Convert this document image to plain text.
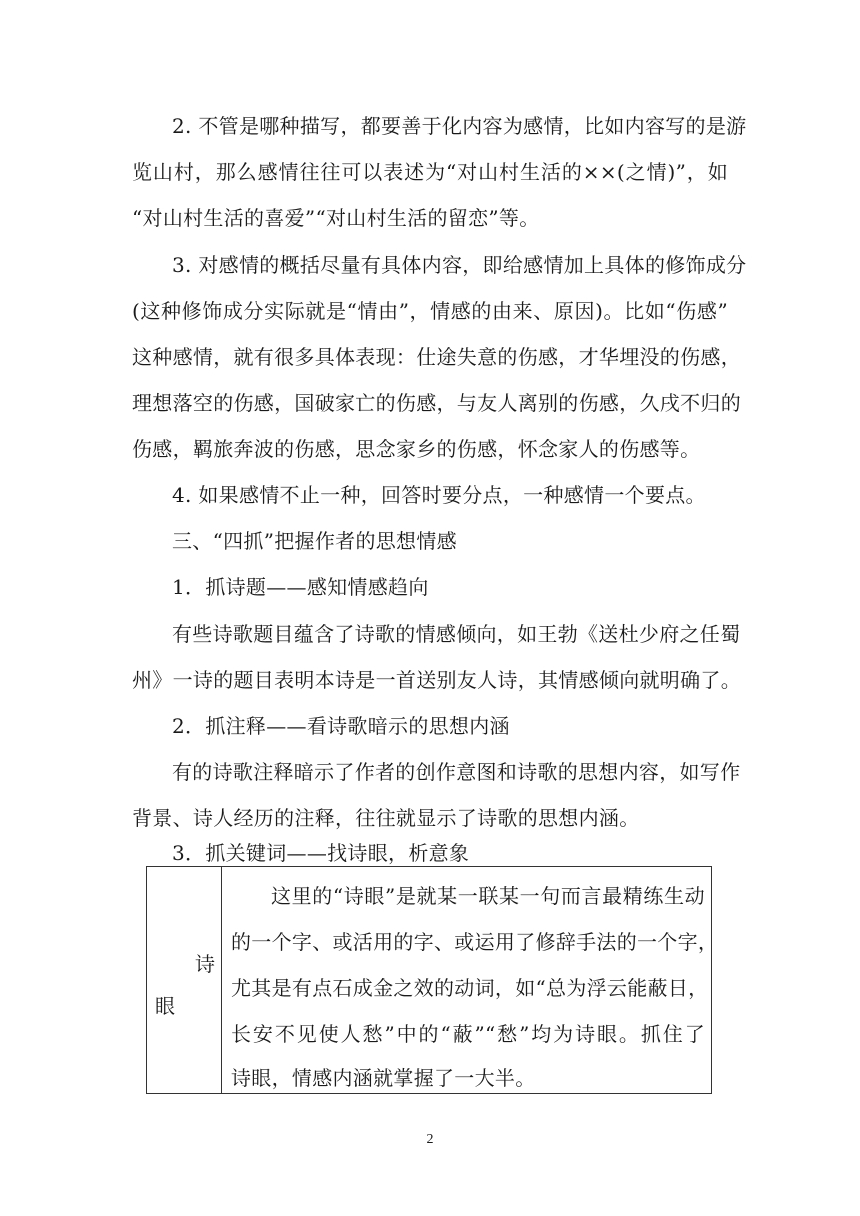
2. 不管是哪种描写，都要善于化内容为感情，比如内容写的是游
览山村，那么感情往往可以表述为“对山村生活的××(之情)”，如
“对山村生活的喜爱”“对山村生活的留恋”等。
3. 对感情的概括尽量有具体内容，即给感情加上具体的修饰成分
(这种修饰成分实际就是“情由”，情感的由来、原因)。比如“伤感”
这种感情，就有很多具体表现：仕途失意的伤感，才华埋没的伤感，
理想落空的伤感，国破家亡的伤感，与友人离别的伤感，久戌不归的
伤感，羁旅奔波的伤感，思念家乡的伤感，怀念家人的伤感等。
4. 如果感情不止一种，回答时要分点，一种感情一个要点。
三、“四抓”把握作者的思想情感
1．抓诗题——感知情感趋向
有些诗歌题目蕴含了诗歌的情感倾向，如王勃《送杜少府之任蜀
州》一诗的题目表明本诗是一首送别友人诗，其情感倾向就明确了。
2．抓注释——看诗歌暗示的思想内涵
有的诗歌注释暗示了作者的创作意图和诗歌的思想内容，如写作
背景、诗人经历的注释，往往就显示了诗歌的思想内涵。
3．抓关键词——找诗眼，析意象
诗
眼
这里的“诗眼”是就某一联某一句而言最精练生动
的一个字、或活用的字、或运用了修辞手法的一个字，
尤其是有点石成金之效的动词，如“总为浮云能蔽日，
长安不见使人愁”中的“蔽”“愁”均为诗眼。抓住了
诗眼，情感内涵就掌握了一大半。
2
